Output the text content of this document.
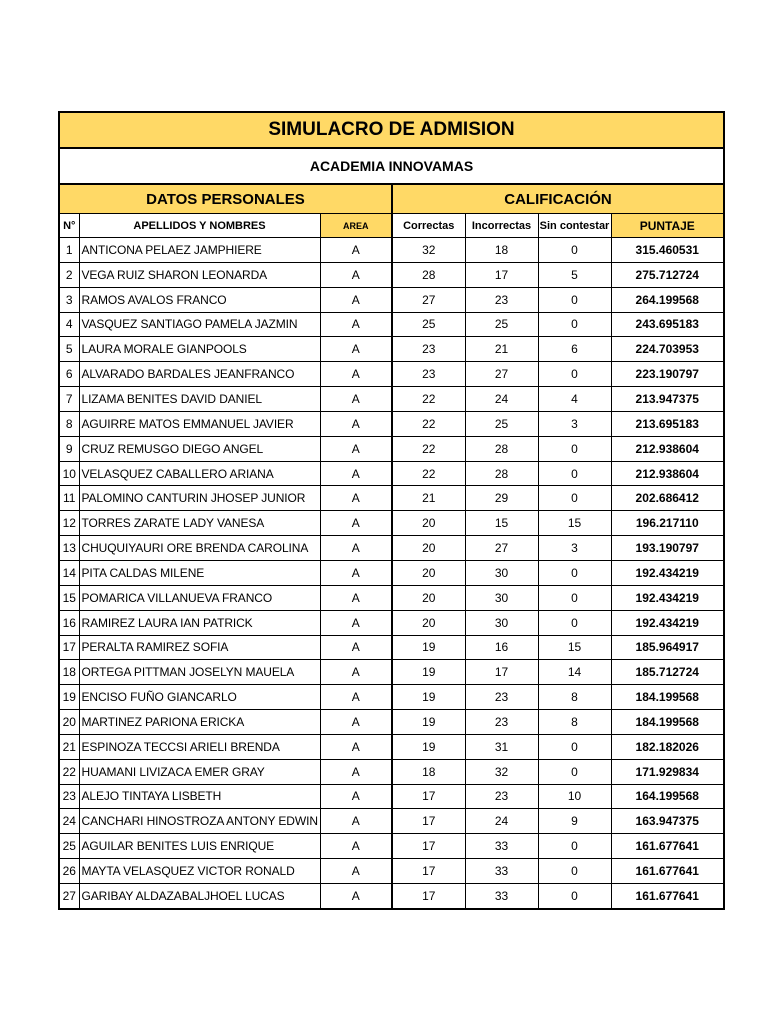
SIMULACRO DE ADMISION						
ACADEMIA INNOVAMAS						
DATOS PERSONALES			CALIFICACIÓN			
N°	APELLIDOS Y NOMBRES	AREA	Correctas	Incorrectas	Sin contestar	PUNTAJE
1	ANTICONA PELAEZ JAMPHIERE	A	32	18	0	315.460531
2	VEGA RUIZ SHARON LEONARDA	A	28	17	5	275.712724
3	RAMOS AVALOS FRANCO	A	27	23	0	264.199568
4	VASQUEZ SANTIAGO PAMELA JAZMIN	A	25	25	0	243.695183
5	LAURA MORALE GIANPOOLS	A	23	21	6	224.703953
6	ALVARADO BARDALES JEANFRANCO	A	23	27	0	223.190797
7	LIZAMA BENITES DAVID DANIEL	A	22	24	4	213.947375
8	AGUIRRE MATOS EMMANUEL JAVIER	A	22	25	3	213.695183
9	CRUZ REMUSGO DIEGO ANGEL	A	22	28	0	212.938604
10	VELASQUEZ CABALLERO ARIANA	A	22	28	0	212.938604
11	PALOMINO CANTURIN JHOSEP JUNIOR	A	21	29	0	202.686412
12	TORRES ZARATE LADY VANESA	A	20	15	15	196.217110
13	CHUQUIYAURI ORE BRENDA CAROLINA	A	20	27	3	193.190797
14	PITA CALDAS MILENE	A	20	30	0	192.434219
15	POMARICA VILLANUEVA FRANCO	A	20	30	0	192.434219
16	RAMIREZ LAURA IAN PATRICK	A	20	30	0	192.434219
17	PERALTA RAMIREZ SOFIA	A	19	16	15	185.964917
18	ORTEGA PITTMAN JOSELYN MAUELA	A	19	17	14	185.712724
19	ENCISO FUÑO GIANCARLO	A	19	23	8	184.199568
20	MARTINEZ PARIONA ERICKA	A	19	23	8	184.199568
21	ESPINOZA TECCSI ARIELI BRENDA	A	19	31	0	182.182026
22	HUAMANI LIVIZACA EMER GRAY	A	18	32	0	171.929834
23	ALEJO TINTAYA LISBETH	A	17	23	10	164.199568
24	CANCHARI HINOSTROZA ANTONY EDWIN	A	17	24	9	163.947375
25	AGUILAR BENITES LUIS ENRIQUE	A	17	33	0	161.677641
26	MAYTA VELASQUEZ VICTOR RONALD	A	17	33	0	161.677641
27	GARIBAY ALDAZABALJHOEL LUCAS	A	17	33	0	161.677641
